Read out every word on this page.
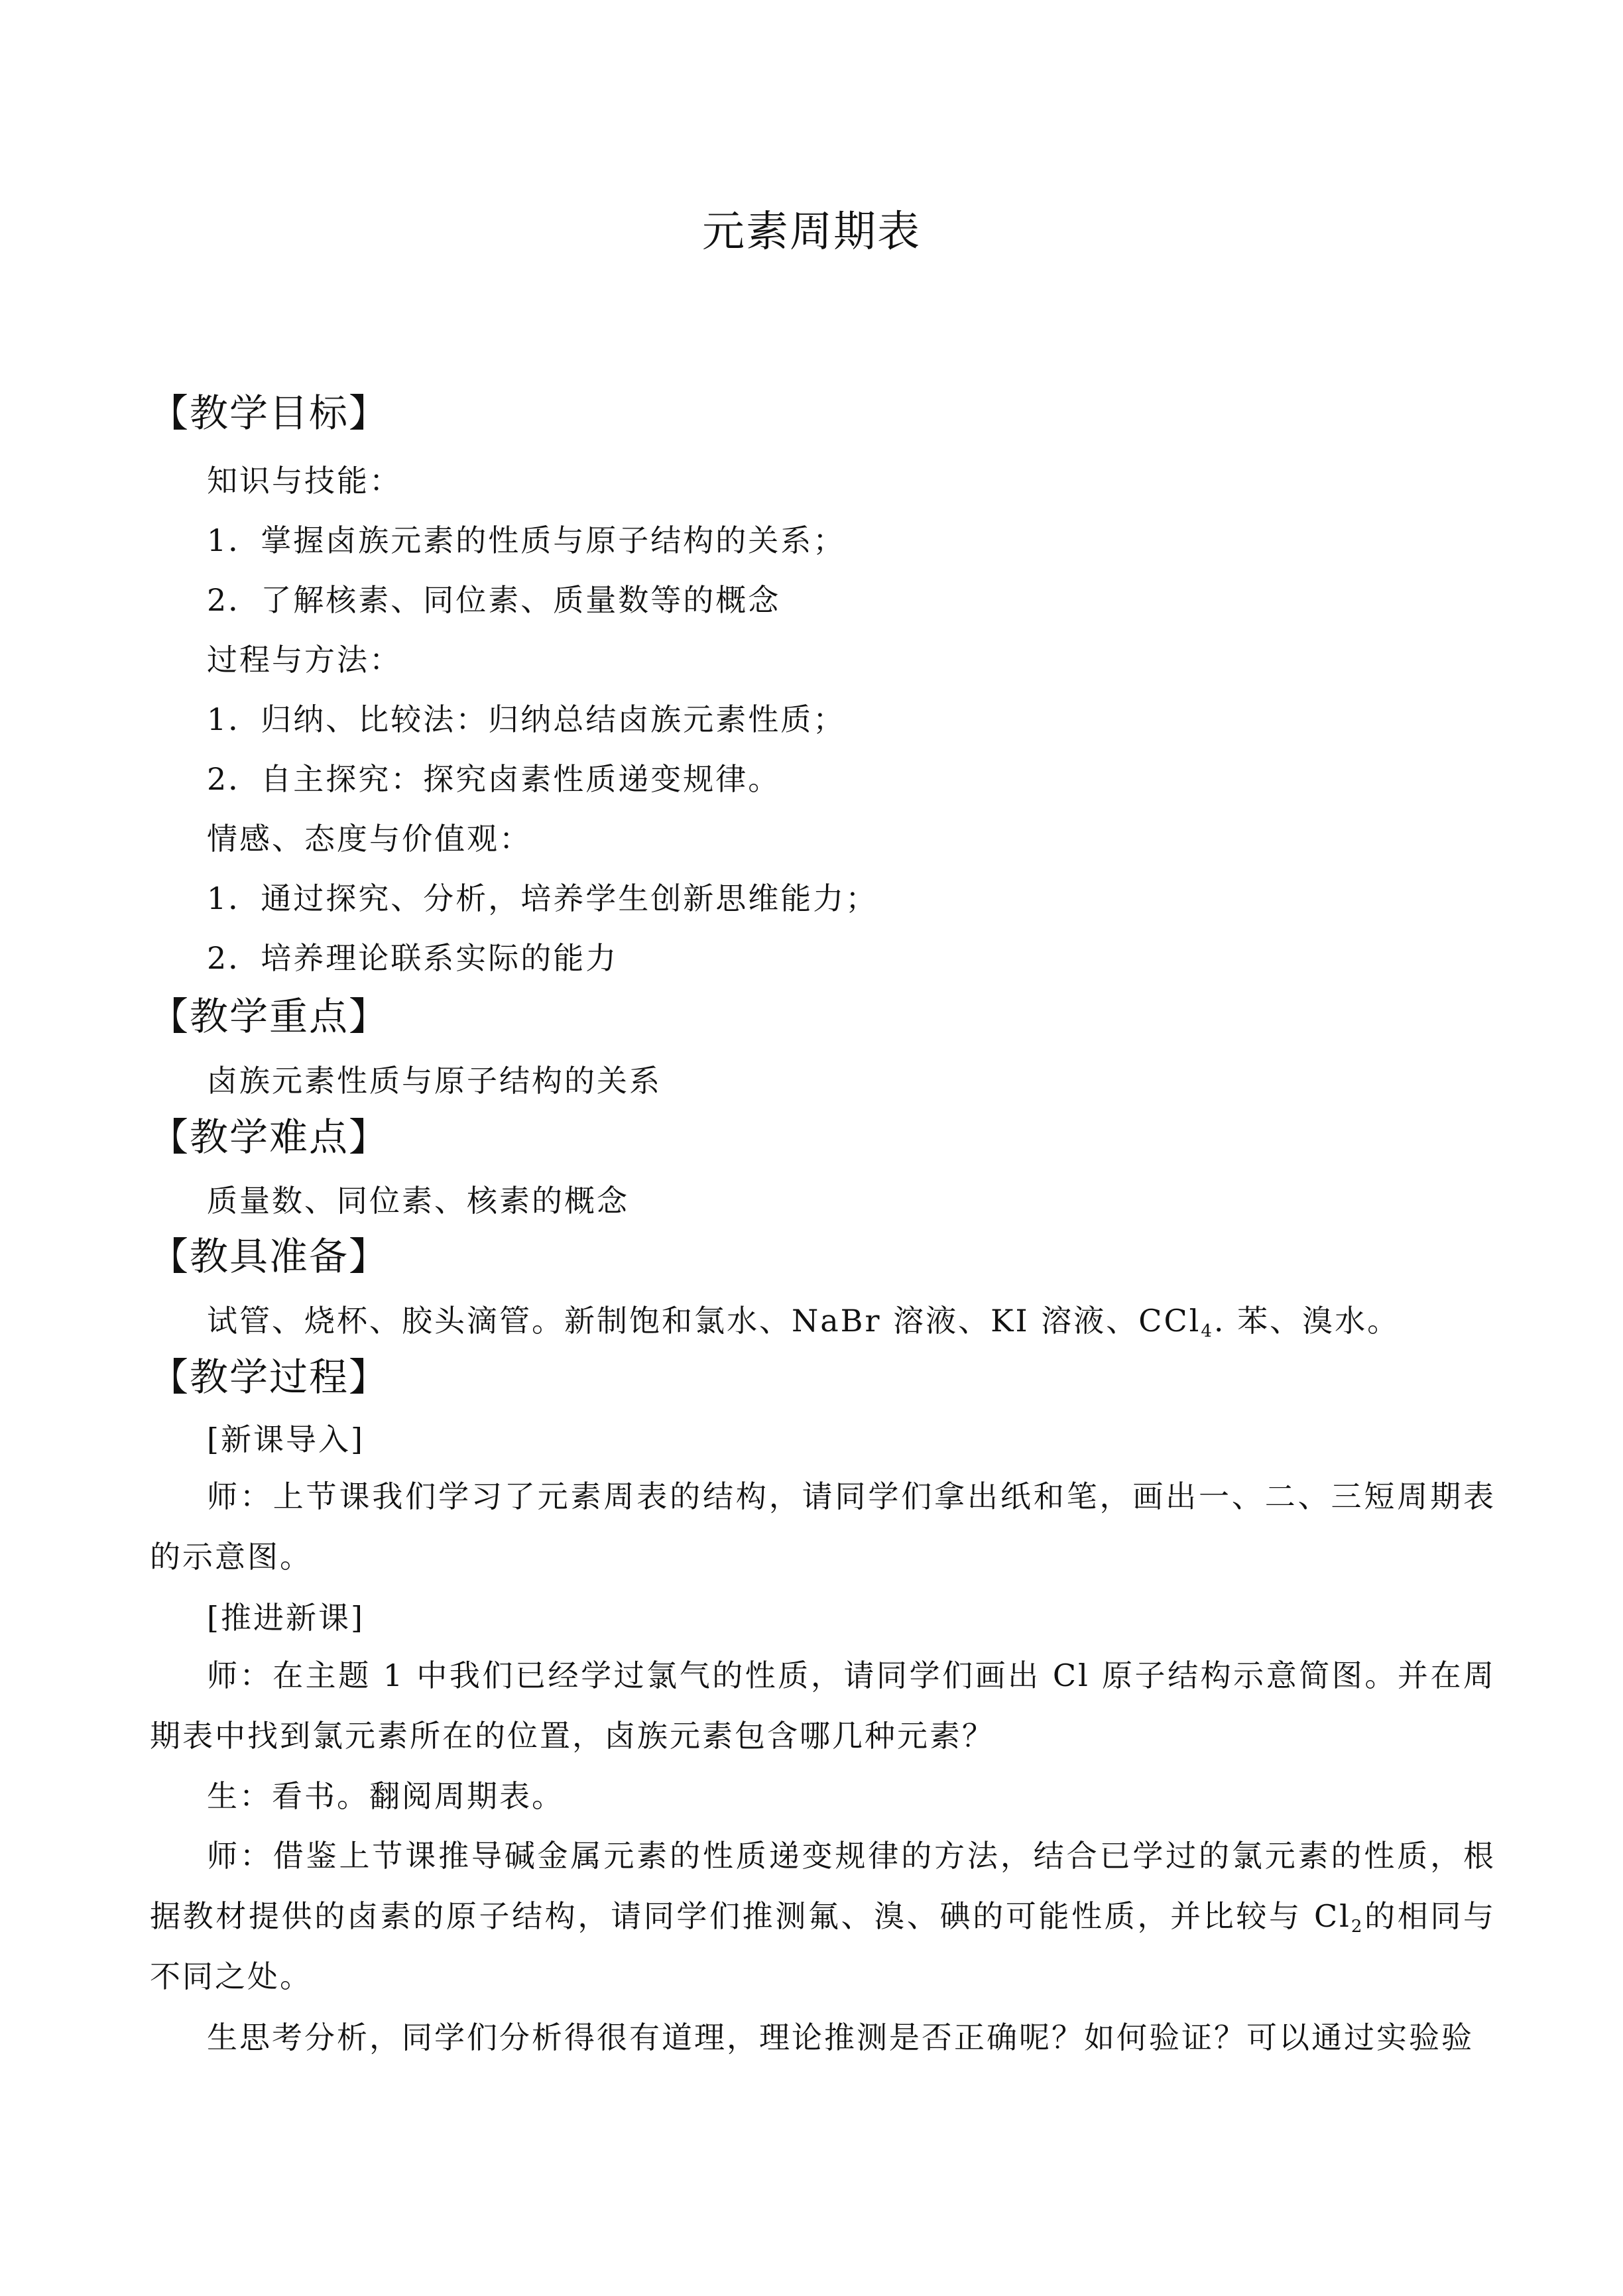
元素周期表
【教学目标】
知识与技能：
1．掌握卤族元素的性质与原子结构的关系；
2．了解核素、同位素、质量数等的概念
过程与方法：
1．归纳、比较法：归纳总结卤族元素性质；
2．自主探究：探究卤素性质递变规律。
情感、态度与价值观：
1．通过探究、分析，培养学生创新思维能力；
2．培养理论联系实际的能力
【教学重点】
卤族元素性质与原子结构的关系
【教学难点】
质量数、同位素、核素的概念
【教具准备】
试管、烧杯、胶头滴管。新制饱和氯水、NaBr 溶液、KI 溶液、CCl$_4$. 苯、溴水。
【教学过程】
[新课导入]
师：上节课我们学习了元素周表的结构，请同学们拿出纸和笔，画出一、二、三短周期表的示意图。
[推进新课]
师：在主题 1 中我们已经学过氯气的性质，请同学们画出 Cl 原子结构示意简图。并在周期表中找到氯元素所在的位置，卤族元素包含哪几种元素？
生：看书。翻阅周期表。
师：借鉴上节课推导碱金属元素的性质递变规律的方法，结合已学过的氯元素的性质，根据教材提供的卤素的原子结构，请同学们推测氟、溴、碘的可能性质，并比较与 $Cl_2$的相同与不同之处。
生思考分析，同学们分析得很有道理，理论推测是否正确呢？如何验证？可以通过实验验
